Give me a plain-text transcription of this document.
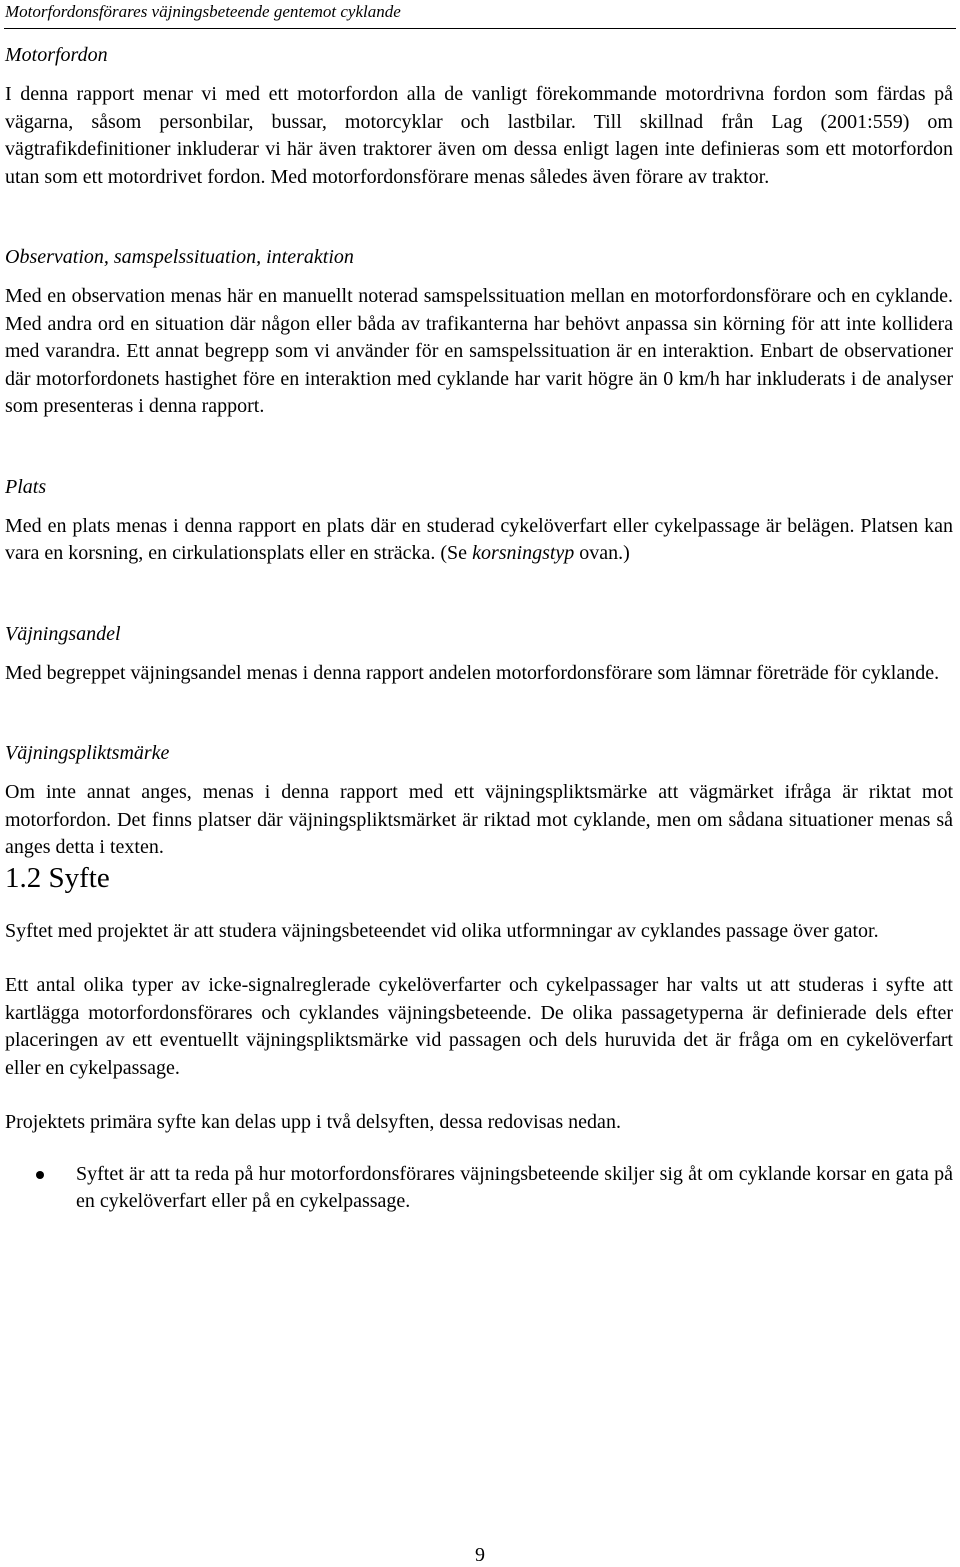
Motorfordonsförares väjningsbeteende gentemot cyklande
Motorfordon

I denna rapport menar vi med ett motorfordon alla de vanligt förekommande motordrivna fordon som färdas på vägarna, såsom personbilar, bussar, motorcyklar och lastbilar. Till skillnad från Lag (2001:559) om vägtrafikdefinitioner inkluderar vi här även traktorer även om dessa enligt lagen inte definieras som ett motorfordon utan som ett motordrivet fordon. Med motorfordonsförare menas således även förare av traktor.

Observation, samspelssituation, interaktion

Med en observation menas här en manuellt noterad samspelssituation mellan en motorfordonsförare och en cyklande. Med andra ord en situation där någon eller båda av trafikanterna har behövt anpassa sin körning för att inte kollidera med varandra. Ett annat begrepp som vi använder för en samspelssituation är en interaktion. Enbart de observationer där motorfordonets hastighet före en interaktion med cyklande har varit högre än 0 km/h har inkluderats i de analyser som presenteras i denna rapport.

Plats

Med en plats menas i denna rapport en plats där en studerad cykelöverfart eller cykelpassage är belägen. Platsen kan vara en korsning, en cirkulationsplats eller en sträcka. (Se korsningstyp ovan.)

Väjningsandel

Med begreppet väjningsandel menas i denna rapport andelen motorfordonsförare som lämnar företräde för cyklande.

Väjningspliktsmärke

Om inte annat anges, menas i denna rapport med ett väjningspliktsmärke att vägmärket ifråga är riktat mot motorfordon. Det finns platser där väjningspliktsmärket är riktad mot cyklande, men om sådana situationer menas så anges detta i texten.

1.2 Syfte

Syftet med projektet är att studera väjningsbeteendet vid olika utformningar av cyklandes passage över gator.

Ett antal olika typer av icke-signalreglerade cykelöverfarter och cykelpassager har valts ut att studeras i syfte att kartlägga motorfordonsförares och cyklandes väjningsbeteende. De olika passagetyperna är definierade dels efter placeringen av ett eventuellt väjningspliktsmärke vid passagen och dels huruvida det är fråga om en cykelöverfart eller en cykelpassage.

Projektets primära syfte kan delas upp i två delsyften, dessa redovisas nedan.

Syftet är att ta reda på hur motorfordonsförares väjningsbeteende skiljer sig åt om cyklande korsar en gata på en cykelöverfart eller på en cykelpassage.
9
